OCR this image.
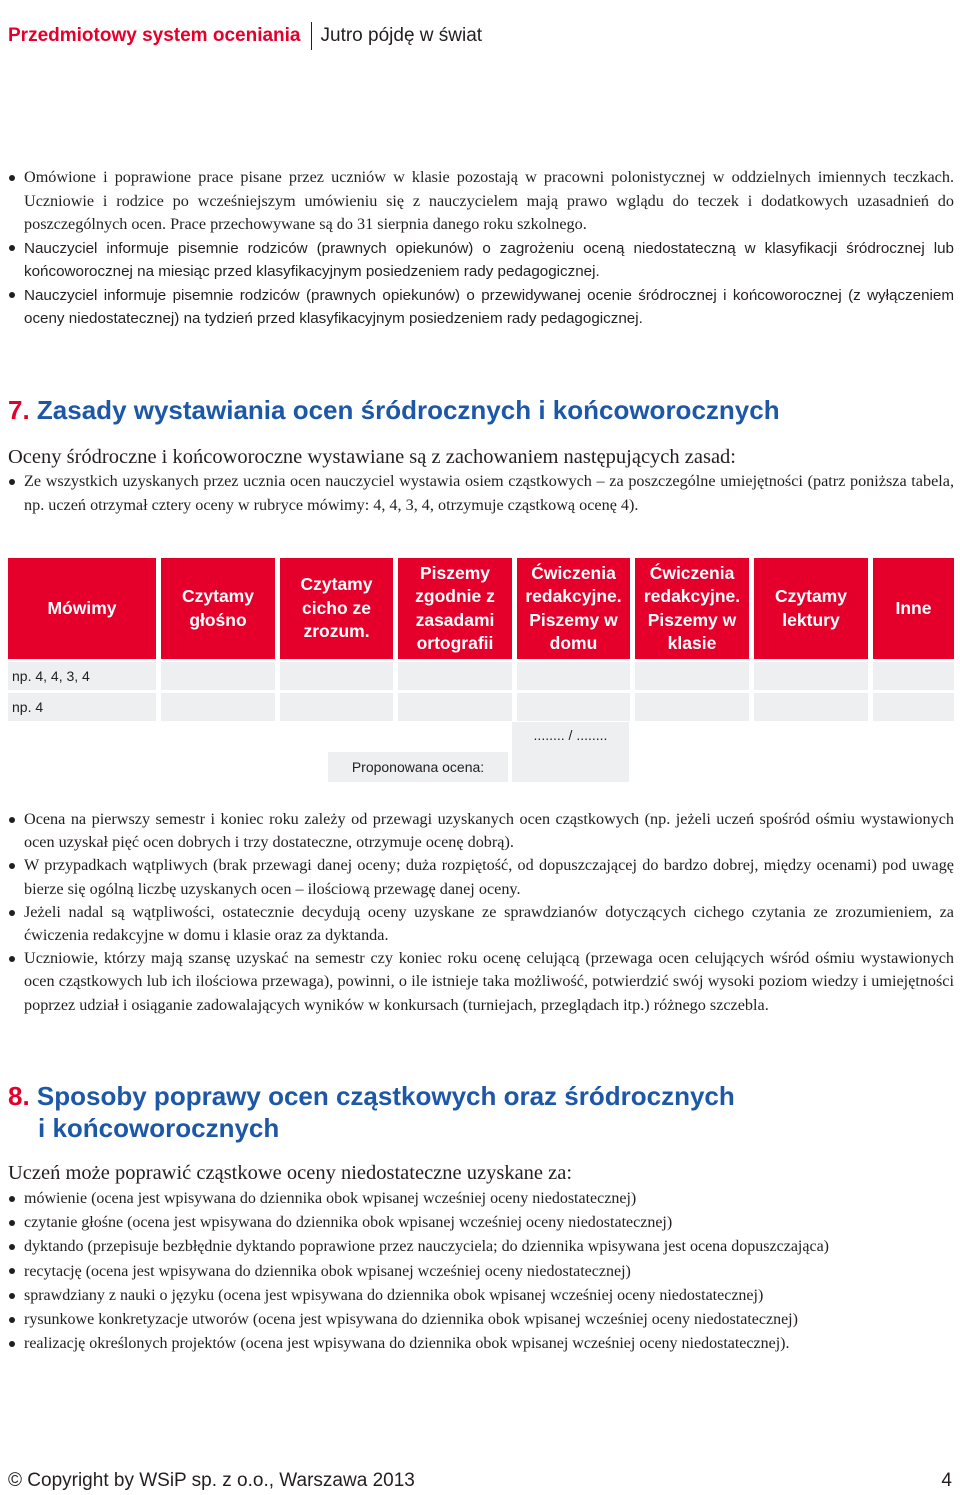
Przedmiotowy system oceniania Jutro pójdę w świat
Omówione i poprawione prace pisane przez uczniów w klasie pozostają w pracowni polonistycznej w oddzielnych imiennych teczkach. Uczniowie i rodzice po wcześniejszym umówieniu się z nauczycielem mają prawo wglądu do teczek i dodatkowych uzasadnień do poszczególnych ocen. Prace przechowywane są do 31 sierpnia danego roku szkolnego.
Nauczyciel informuje pisemnie rodziców (prawnych opiekunów) o zagrożeniu oceną niedostateczną w klasyfikacji śródrocznej lub końcoworocznej na miesiąc przed klasyfikacyjnym posiedzeniem rady pedagogicznej.
Nauczyciel informuje pisemnie rodziców (prawnych opiekunów) o przewidywanej ocenie śródrocznej i końcoworocznej (z wyłączeniem oceny niedostatecznej) na tydzień przed klasyfikacyjnym posiedzeniem rady pedagogicznej.
7. Zasady wystawiania ocen śródrocznych i końcoworocznych

Oceny śródroczne i końcoworoczne wystawiane są z zachowaniem następujących zasad:

Ze wszystkich uzyskanych przez ucznia ocen nauczyciel wystawia osiem cząstkowych – za poszczególne umiejętności (patrz poniższa tabela, np. uczeń otrzymał cztery oceny w rubryce mówimy: 4, 4, 3, 4, otrzymuje cząstkową ocenę 4).
Mówimy
Czytamy głośno
Czytamy cicho ze zrozum.
Piszemy zgodnie z zasadami ortografii
Ćwiczenia redakcyjne. Piszemy w domu
Ćwiczenia redakcyjne. Piszemy w klasie
Czytamy lektury
Inne
np. 4, 4, 3, 4
np. 4
Proponowana ocena:
........ / ........
Ocena na pierwszy semestr i koniec roku zależy od przewagi uzyskanych ocen cząstkowych (np. jeżeli uczeń spośród ośmiu wystawionych ocen uzyskał pięć ocen dobrych i trzy dostateczne, otrzymuje ocenę dobrą).
W przypadkach wątpliwych (brak przewagi danej oceny; duża rozpiętość, od dopuszczającej do bardzo dobrej, między ocenami) pod uwagę bierze się ogólną liczbę uzyskanych ocen – ilościową przewagę danej oceny.
Jeżeli nadal są wątpliwości, ostatecznie decydują oceny uzyskane ze sprawdzianów dotyczących cichego czytania ze zrozumieniem, za ćwiczenia redakcyjne w domu i klasie oraz za dyktanda.
Uczniowie, którzy mają szansę uzyskać na semestr czy koniec roku ocenę celującą (przewaga ocen celujących wśród ośmiu wystawionych ocen cząstkowych lub ich ilościowa przewaga), powinni, o ile istnieje taka możliwość, potwierdzić swój wysoki poziom wiedzy i umiejętności poprzez udział i osiąganie zadowalających wyników w konkursach (turniejach, przeglądach itp.) różnego szczebla.
8. Sposoby poprawy ocen cząstkowych oraz śródrocznych
i końcoworocznych

Uczeń może poprawić cząstkowe oceny niedostateczne uzyskane za:

mówienie (ocena jest wpisywana do dziennika obok wpisanej wcześniej oceny niedostatecznej)
czytanie głośne (ocena jest wpisywana do dziennika obok wpisanej wcześniej oceny niedostatecznej)
dyktando (przepisuje bezbłędnie dyktando poprawione przez nauczyciela; do dziennika wpisywana jest ocena dopuszczająca)
recytację (ocena jest wpisywana do dziennika obok wpisanej wcześniej oceny niedostatecznej)
sprawdziany z nauki o języku (ocena jest wpisywana do dziennika obok wpisanej wcześniej oceny niedostatecznej)
rysunkowe konkretyzacje utworów (ocena jest wpisywana do dziennika obok wpisanej wcześniej oceny niedostatecznej)
realizację określonych projektów (ocena jest wpisywana do dziennika obok wpisanej wcześniej oceny niedostatecznej).
© Copyright by WSiP sp. z o.o., Warszawa 2013	4
